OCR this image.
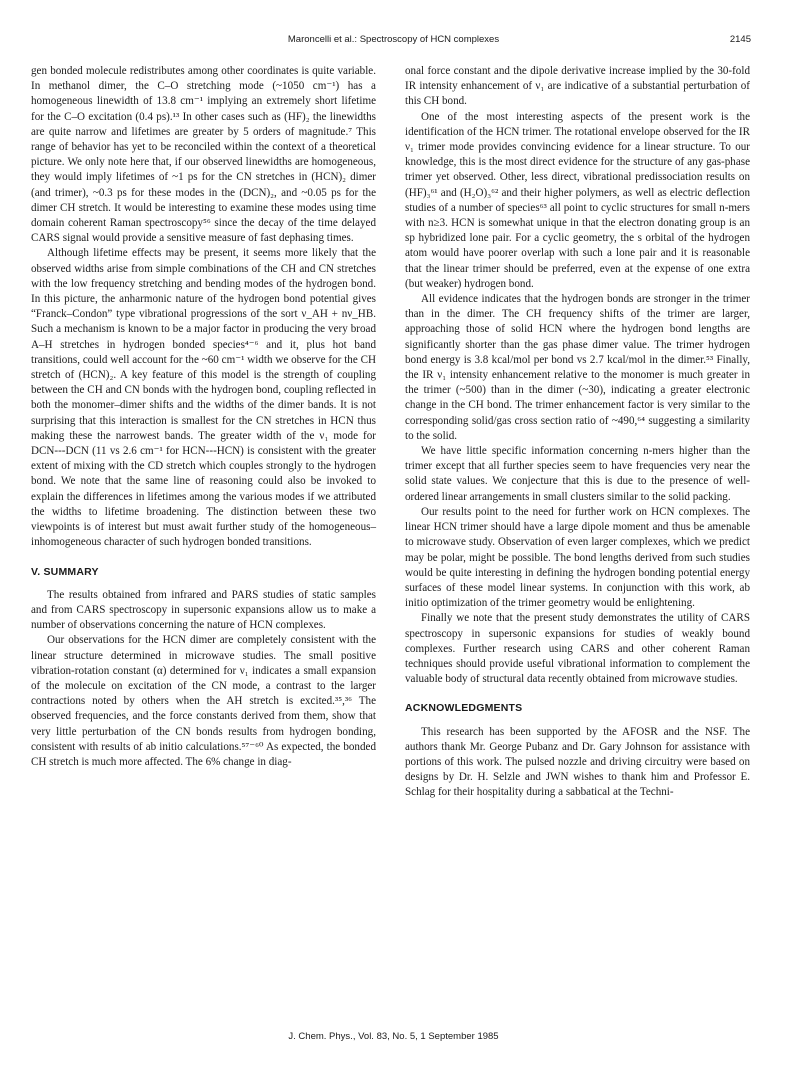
Maroncelli et al.: Spectroscopy of HCN complexes	2145

gen bonded molecule redistributes among other coordinates is quite variable. In methanol dimer, the C–O stretching mode (~1050 cm⁻¹) has a homogeneous linewidth of 13.8 cm⁻¹ implying an extremely short lifetime for the C–O excitation (0.4 ps).¹³ In other cases such as (HF)₂ the linewidths are quite narrow and lifetimes are greater by 5 orders of magnitude.⁷ This range of behavior has yet to be reconciled within the context of a theoretical picture. We only note here that, if our observed linewidths are homogeneous, they would imply lifetimes of ~1 ps for the CN stretches in (HCN)₂ dimer (and trimer), ~0.3 ps for these modes in the (DCN)₂, and ~0.05 ps for the dimer CH stretch. It would be interesting to examine these modes using time domain coherent Raman spectroscopy⁵⁶ since the decay of the time delayed CARS signal would provide a sensitive measure of fast dephasing times.

Although lifetime effects may be present, it seems more likely that the observed widths arise from simple combinations of the CH and CN stretches with the low frequency stretching and bending modes of the hydrogen bond. In this picture, the anharmonic nature of the hydrogen bond potential gives “Franck–Condon” type vibrational progressions of the sort ν_AH + nν_HB. Such a mechanism is known to be a major factor in producing the very broad A–H stretches in hydrogen bonded species⁴⁻⁶ and it, plus hot band transitions, could well account for the ~60 cm⁻¹ width we observe for the CH stretch of (HCN)₂. A key feature of this model is the strength of coupling between the CH and CN bonds with the hydrogen bond, coupling reflected in both the monomer–dimer shifts and the widths of the dimer bands. It is not surprising that this interaction is smallest for the CN stretches in HCN thus making these the narrowest bands. The greater width of the ν₁ mode for DCN---DCN (11 vs 2.6 cm⁻¹ for HCN---HCN) is consistent with the greater extent of mixing with the CD stretch which couples strongly to the hydrogen bond. We note that the same line of reasoning could also be invoked to explain the differences in lifetimes among the various modes if we attributed the widths to lifetime broadening. The distinction between these two viewpoints is of interest but must await further study of the homogeneous–inhomogeneous character of such hydrogen bonded transitions.

V. SUMMARY

The results obtained from infrared and PARS studies of static samples and from CARS spectroscopy in supersonic expansions allow us to make a number of observations concerning the nature of HCN complexes.

Our observations for the HCN dimer are completely consistent with the linear structure determined in microwave studies. The small positive vibration-rotation constant (α) determined for ν₁ indicates a small expansion of the molecule on excitation of the CN mode, a contrast to the larger contractions noted by others when the AH stretch is excited.³⁵,³⁶ The observed frequencies, and the force constants derived from them, show that very little perturbation of the CN bonds results from hydrogen bonding, consistent with results of ab initio calculations.⁵⁷⁻⁶⁰ As expected, the bonded CH stretch is much more affected. The 6% change in diag-

onal force constant and the dipole derivative increase implied by the 30-fold IR intensity enhancement of ν₁ are indicative of a substantial perturbation of this CH bond.

One of the most interesting aspects of the present work is the identification of the HCN trimer. The rotational envelope observed for the IR ν₁ trimer mode provides convincing evidence for a linear structure. To our knowledge, this is the most direct evidence for the structure of any gas-phase trimer yet observed. Other, less direct, vibrational predissociation results on (HF)₃⁶¹ and (H₂O)₃⁶² and their higher polymers, as well as electric deflection studies of a number of species⁶³ all point to cyclic structures for small n-mers with n≥3. HCN is somewhat unique in that the electron donating group is an sp hybridized lone pair. For a cyclic geometry, the s orbital of the hydrogen atom would have poorer overlap with such a lone pair and it is reasonable that the linear trimer should be preferred, even at the expense of one extra (but weaker) hydrogen bond.

All evidence indicates that the hydrogen bonds are stronger in the trimer than in the dimer. The CH frequency shifts of the trimer are larger, approaching those of solid HCN where the hydrogen bond lengths are significantly shorter than the gas phase dimer value. The trimer hydrogen bond energy is 3.8 kcal/mol per bond vs 2.7 kcal/mol in the dimer.⁵³ Finally, the IR ν₁ intensity enhancement relative to the monomer is much greater in the trimer (~500) than in the dimer (~30), indicating a greater electronic change in the CH bond. The trimer enhancement factor is very similar to the corresponding solid/gas cross section ratio of ~490,⁶⁴ suggesting a similarity to the solid.

We have little specific information concerning n-mers higher than the trimer except that all further species seem to have frequencies very near the solid state values. We conjecture that this is due to the presence of well-ordered linear arrangements in small clusters similar to the solid packing.

Our results point to the need for further work on HCN complexes. The linear HCN trimer should have a large dipole moment and thus be amenable to microwave study. Observation of even larger complexes, which we predict may be polar, might be possible. The bond lengths derived from such studies would be quite interesting in defining the hydrogen bonding potential energy surfaces of these model linear systems. In conjunction with this work, ab initio optimization of the trimer geometry would be enlightening.

Finally we note that the present study demonstrates the utility of CARS spectroscopy in supersonic expansions for studies of weakly bound complexes. Further research using CARS and other coherent Raman techniques should provide useful vibrational information to complement the valuable body of structural data recently obtained from microwave studies.

ACKNOWLEDGMENTS

This research has been supported by the AFOSR and the NSF. The authors thank Mr. George Pubanz and Dr. Gary Johnson for assistance with portions of this work. The pulsed nozzle and driving circuitry were based on designs by Dr. H. Selzle and JWN wishes to thank him and Professor E. Schlag for their hospitality during a sabbatical at the Techni-

J. Chem. Phys., Vol. 83, No. 5, 1 September 1985
